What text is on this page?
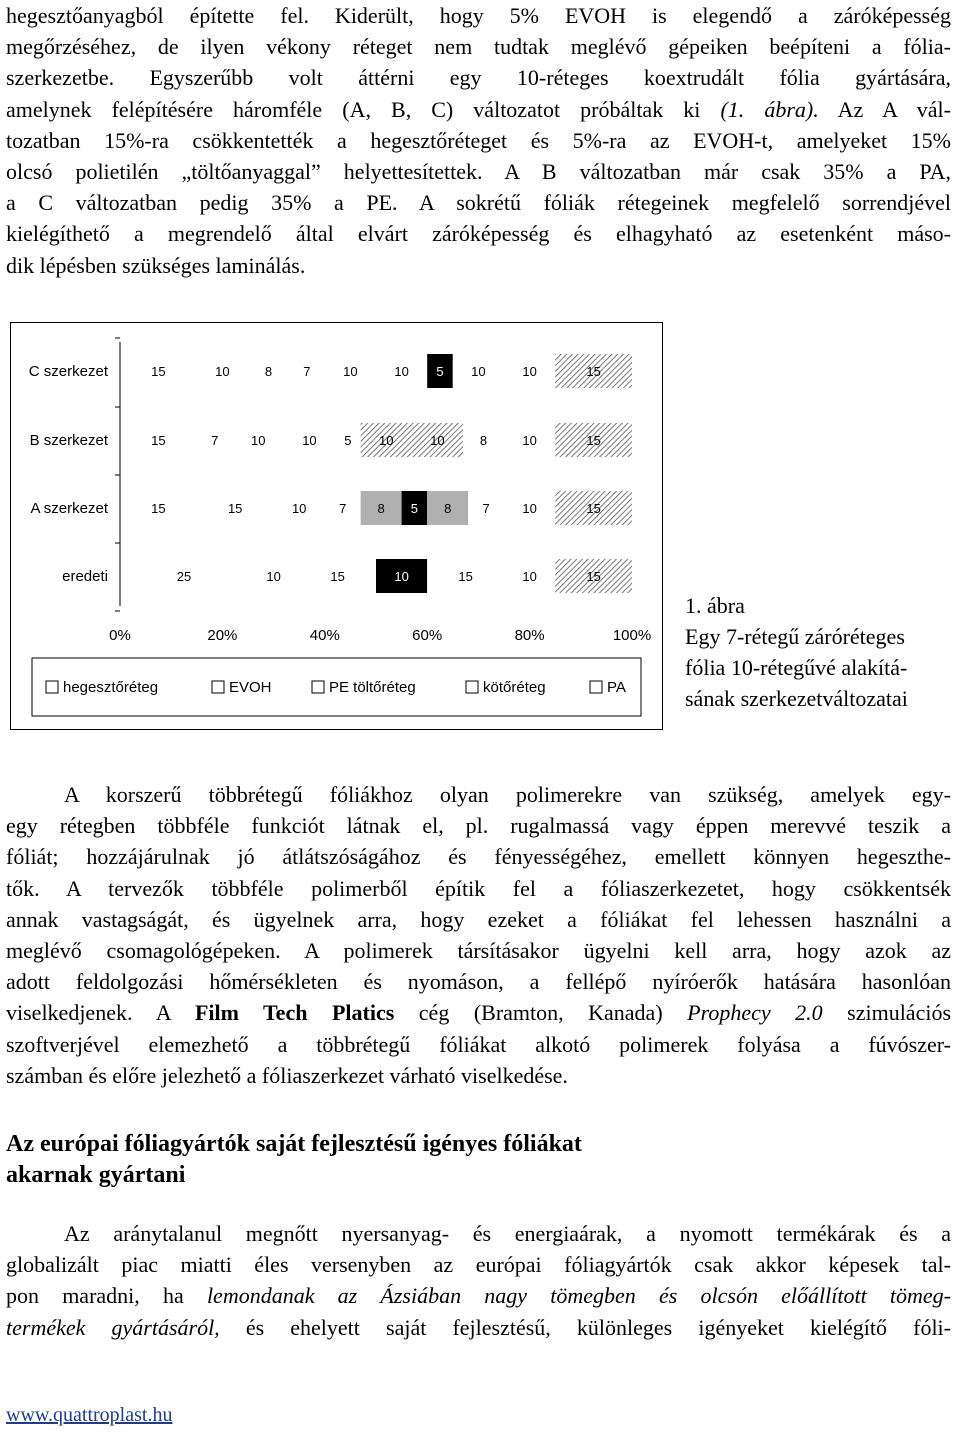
hegesztőanyagból építette fel. Kiderült, hogy 5% EVOH is elegendő a záróképesség
megőrzéséhez, de ilyen vékony réteget nem tudtak meglévő gépeiken beépíteni a fólia-
szerkezetbe. Egyszerűbb volt áttérni egy 10-réteges koextrudált fólia gyártására,
amelynek felépítésére háromféle (A, B, C) változatot próbáltak ki (1. ábra). Az A vál-
tozatban 15%-ra csökkentették a hegesztőréteget és 5%-ra az EVOH-t, amelyeket 15%
olcsó polietilén „töltőanyaggal” helyettesítettek. A B változatban már csak 35% a PA,
a C változatban pedig 35% a PE. A sokrétű fóliák rétegeinek megfelelő sorrendjével
kielégíthető a megrendelő által elvárt záróképesség és elhagyható az esetenként máso-
dik lépésben szükséges laminálás.

C szerkezet	15	10	8 7	10	10 5 10	10	15
B szerkezet	15	7	10	10 5 10	10	8	10	15
A szerkezet	15	15	10	7 8 5 8 7	10	15
eredeti	25	10	15	10	15	10	15
0%	20%	40%	60%	80%	100%
hegesztőréteg	EVOH	PE töltőréteg	kötőréteg	PA
1. ábra
Egy 7-rétegű záróréteges
fólia 10-rétegűvé alakítá-
sának szerkezetváltozatai

A korszerű többrétegű fóliákhoz olyan polimerekre van szükség, amelyek egy-
egy rétegben többféle funkciót látnak el, pl. rugalmassá vagy éppen merevvé teszik a
fóliát; hozzájárulnak jó átlátszóságához és fényességéhez, emellett könnyen hegeszthe-
tők. A tervezők többféle polimerből építik fel a fóliaszerkezetet, hogy csökkentsék
annak vastagságát, és ügyelnek arra, hogy ezeket a fóliákat fel lehessen használni a
meglévő csomagológépeken. A polimerek társításakor ügyelni kell arra, hogy azok az
adott feldolgozási hőmérsékleten és nyomáson, a fellépő nyíróerők hatására hasonlóan
viselkedjenek. A Film Tech Platics cég (Bramton, Kanada) Prophecy 2.0 szimulációs
szoftverjével elemezhető a többrétegű fóliákat alkotó polimerek folyása a fúvószer-
számban és előre jelezhető a fóliaszerkezet várható viselkedése.

Az európai fóliagyártók saját fejlesztésű igényes fóliákat
akarnak gyártani

Az aránytalanul megnőtt nyersanyag- és energiaárak, a nyomott termékárak és a
globalizált piac miatti éles versenyben az európai fóliagyártók csak akkor képesek tal-
pon maradni, ha lemondanak az Ázsiában nagy tömegben és olcsón előállított tömeg-
termékek gyártásáról, és ehelyett saját fejlesztésű, különleges igényeket kielégítő fóli-

www.quattroplast.hu
